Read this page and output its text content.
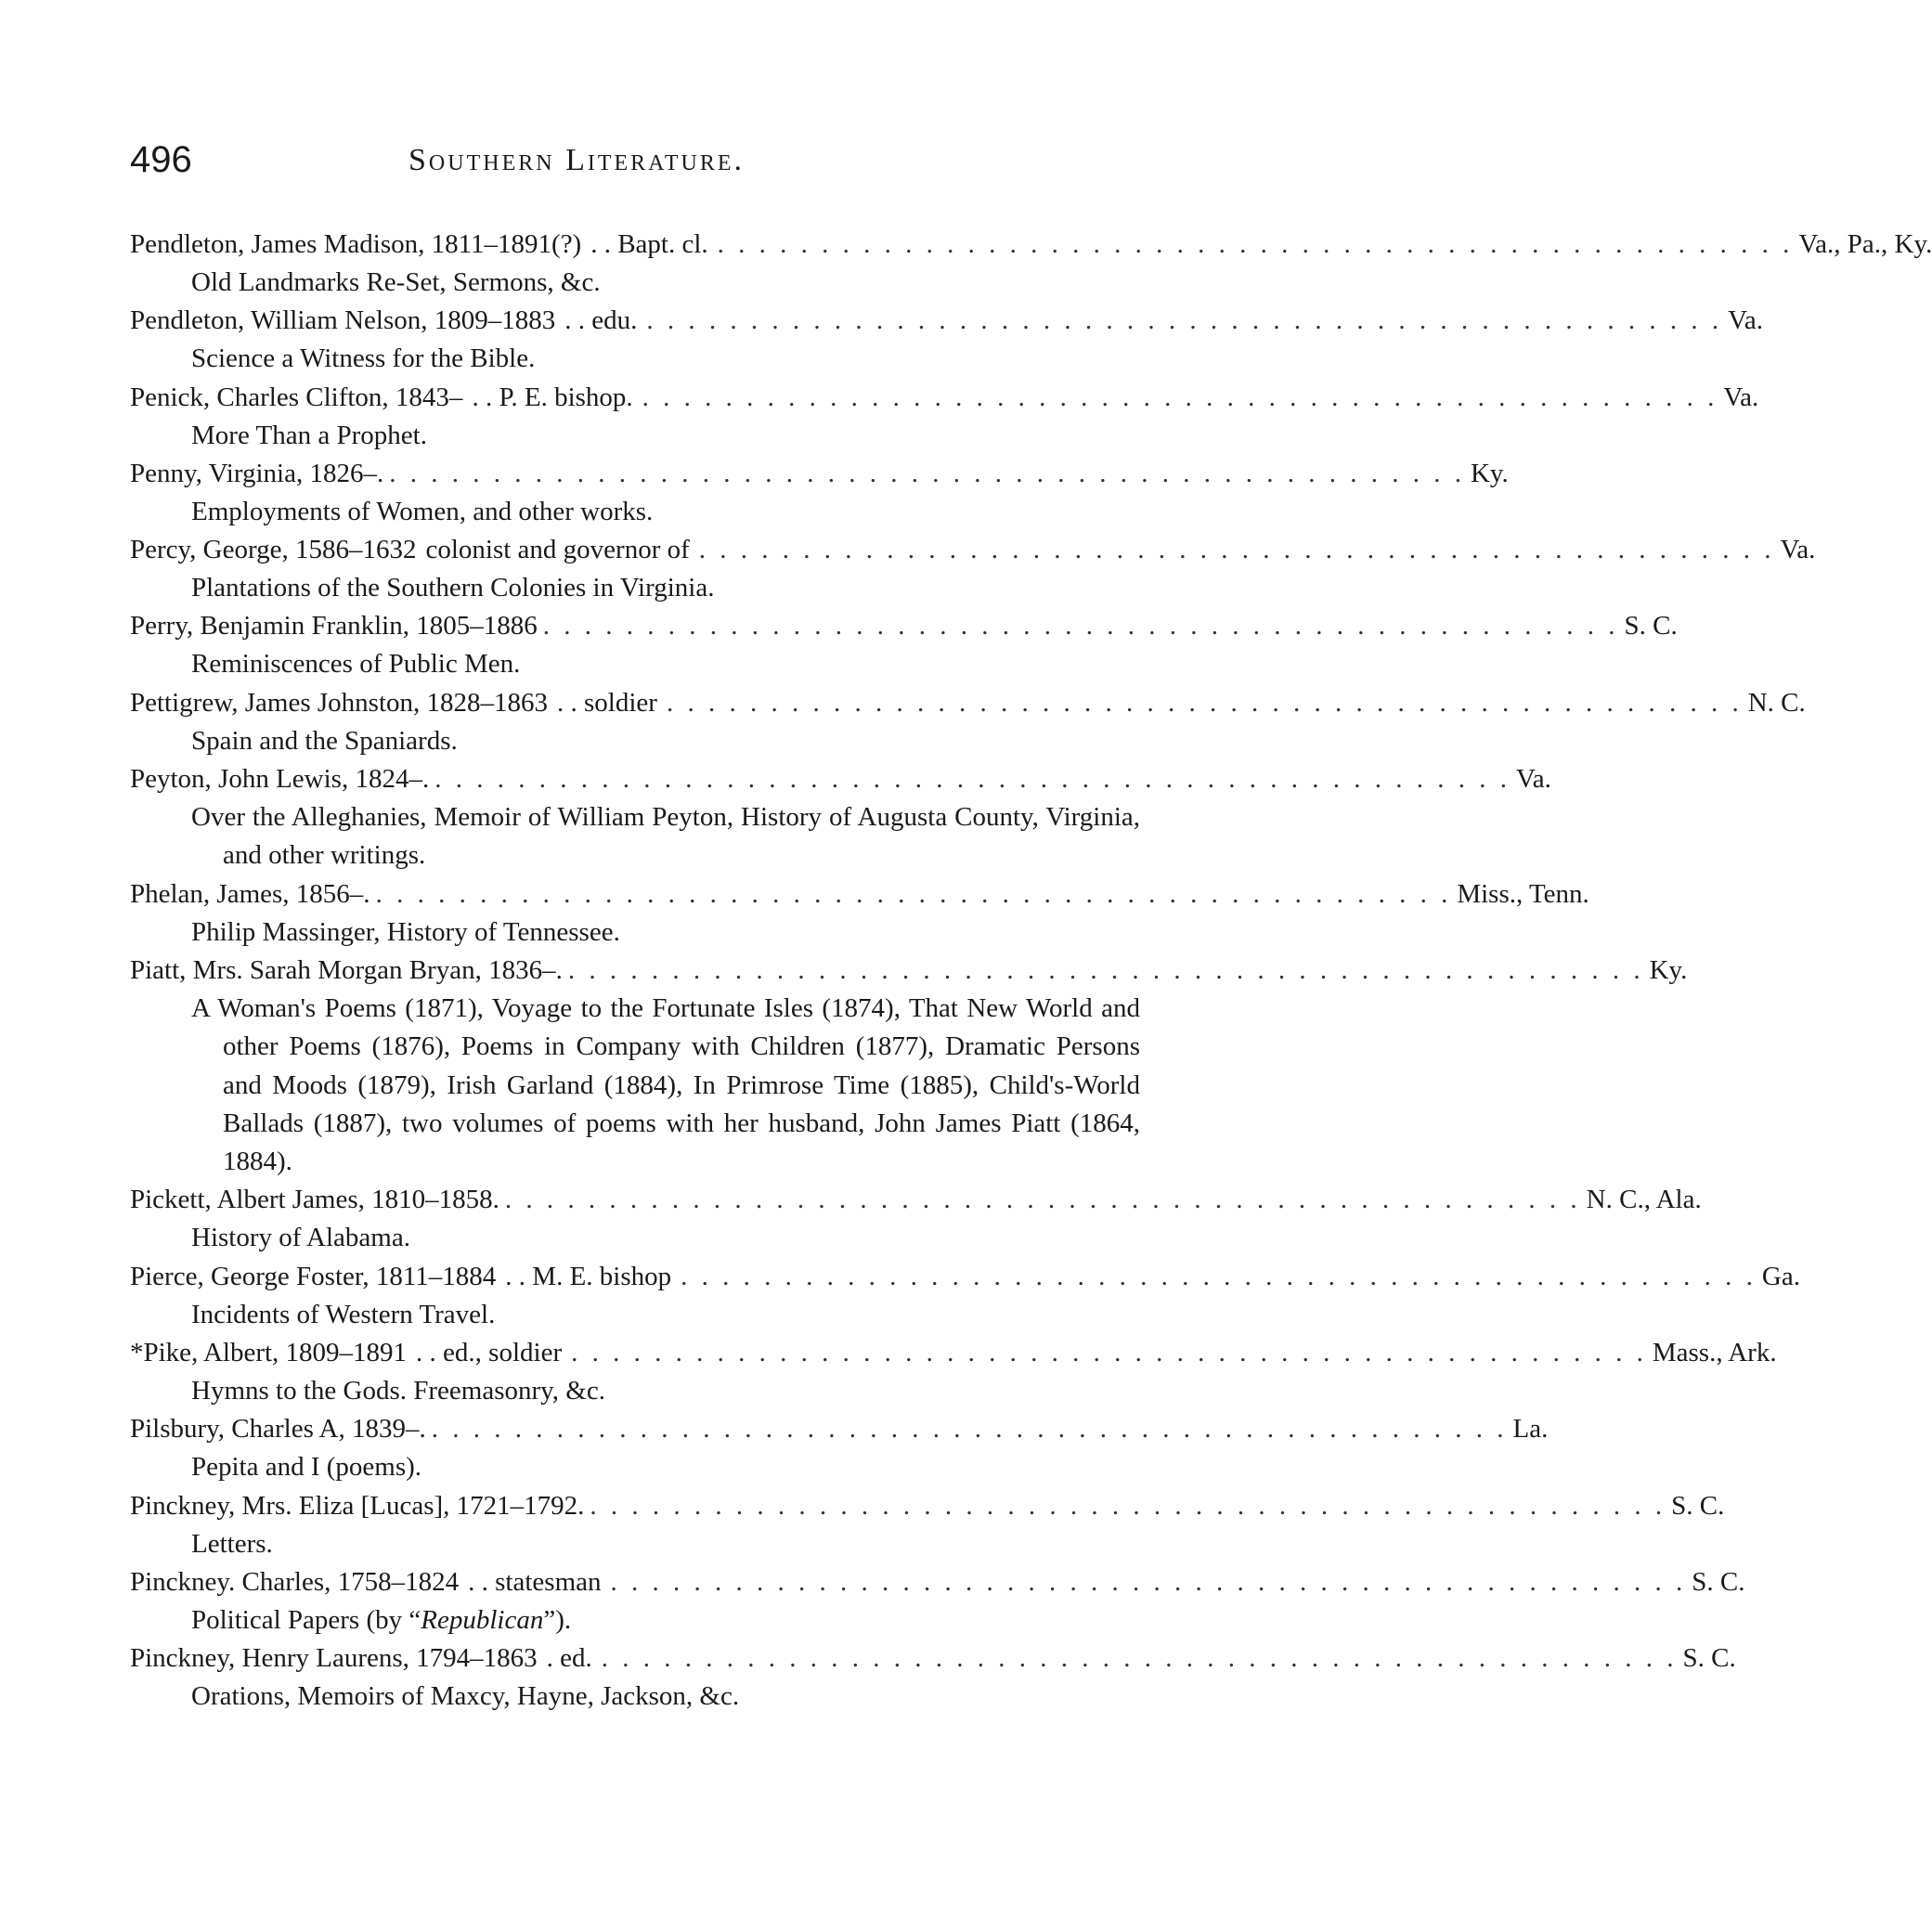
496	Southern Literature.
Pendleton, James Madison, 1811–1891(?) . . Bapt. cl. . . . . . . . . . . . . . . . . . . . . . . . . . . . . . . . . . . . . . . . . . . . . . . . . . . . . Va., Pa., Ky.
Old Landmarks Re-Set, Sermons, &c.
Pendleton, William Nelson, 1809–1883 . . edu. . . . . . . . . . . . . . . . . . . . . . . . . . . . . . . . . . . . . . . . . . . . . . . . . . . . . Va.
Science a Witness for the Bible.
Penick, Charles Clifton, 1843– . . P. E. bishop. . . . . . . . . . . . . . . . . . . . . . . . . . . . . . . . . . . . . . . . . . . . . . . . . . . . . Va.
More Than a Prophet.
Penny, Virginia, 1826–. . . . . . . . . . . . . . . . . . . . . . . . . . . . . . . . . . . . . . . . . . . . . . . . . . . . . Ky.
Employments of Women, and other works.
Percy, George, 1586–1632 colonist and governor of . . . . . . . . . . . . . . . . . . . . . . . . . . . . . . . . . . . . . . . . . . . . . . . . . . . . Va.
Plantations of the Southern Colonies in Virginia.
Perry, Benjamin Franklin, 1805–1886 . . . . . . . . . . . . . . . . . . . . . . . . . . . . . . . . . . . . . . . . . . . . . . . . . . . . S. C.
Reminiscences of Public Men.
Pettigrew, James Johnston, 1828–1863 . . soldier . . . . . . . . . . . . . . . . . . . . . . . . . . . . . . . . . . . . . . . . . . . . . . . . . . . . N. C.
Spain and the Spaniards.
Peyton, John Lewis, 1824–. . . . . . . . . . . . . . . . . . . . . . . . . . . . . . . . . . . . . . . . . . . . . . . . . . . . . Va.
Over the Alleghanies, Memoir of William Peyton, History of Augusta County, Virginia, and other writings.
Phelan, James, 1856–. . . . . . . . . . . . . . . . . . . . . . . . . . . . . . . . . . . . . . . . . . . . . . . . . . . . . Miss., Tenn.
Philip Massinger, History of Tennessee.
Piatt, Mrs. Sarah Morgan Bryan, 1836–. . . . . . . . . . . . . . . . . . . . . . . . . . . . . . . . . . . . . . . . . . . . . . . . . . . . . Ky.
A Woman's Poems (1871), Voyage to the Fortunate Isles (1874), That New World and other Poems (1876), Poems in Company with Children (1877), Dramatic Persons and Moods (1879), Irish Garland (1884), In Primrose Time (1885), Child's-World Ballads (1887), two volumes of poems with her husband, John James Piatt (1864, 1884).
Pickett, Albert James, 1810–1858. . . . . . . . . . . . . . . . . . . . . . . . . . . . . . . . . . . . . . . . . . . . . . . . . . . . . N. C., Ala.
History of Alabama.
Pierce, George Foster, 1811–1884 . . M. E. bishop . . . . . . . . . . . . . . . . . . . . . . . . . . . . . . . . . . . . . . . . . . . . . . . . . . . . Ga.
Incidents of Western Travel.
*Pike, Albert, 1809–1891 . . ed., soldier . . . . . . . . . . . . . . . . . . . . . . . . . . . . . . . . . . . . . . . . . . . . . . . . . . . . Mass., Ark.
Hymns to the Gods. Freemasonry, &c.
Pilsbury, Charles A, 1839–. . . . . . . . . . . . . . . . . . . . . . . . . . . . . . . . . . . . . . . . . . . . . . . . . . . . . La.
Pepita and I (poems).
Pinckney, Mrs. Eliza [Lucas], 1721–1792. . . . . . . . . . . . . . . . . . . . . . . . . . . . . . . . . . . . . . . . . . . . . . . . . . . . . S. C.
Letters.
Pinckney. Charles, 1758–1824 . . statesman . . . . . . . . . . . . . . . . . . . . . . . . . . . . . . . . . . . . . . . . . . . . . . . . . . . . S. C.
Political Papers (by “Republican”).
Pinckney, Henry Laurens, 1794–1863 . ed. . . . . . . . . . . . . . . . . . . . . . . . . . . . . . . . . . . . . . . . . . . . . . . . . . . . . S. C.
Orations, Memoirs of Maxcy, Hayne, Jackson, &c.
